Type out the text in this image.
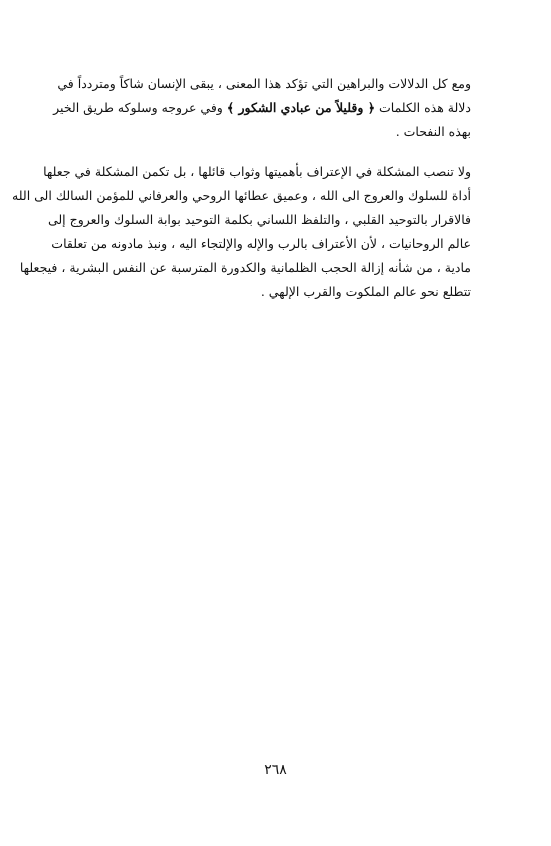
ومع كل الدلالات والبراهين التي تؤكد هذا المعنى ، يبقى الإنسان شاكاً ومتردداً في
دلالة هذه الكلمات ﴿ وقليلاً من عبادي الشكور ﴾ وفي عروجه وسلوكه طريق الخير
بهذه النفحات .
ولا تنصب المشكلة في الإعتراف بأهميتها وثواب قائلها ، بل تكمن المشكلة في جعلها
أداة للسلوك والعروج الى الله ، وعميق عطائها الروحي والعرفاني للمؤمن السالك الى الله
فالاقرار بالتوحيد القلبي ، والتلفظ اللساني بكلمة التوحيد بوابة السلوك والعروج إلى
عالم الروحانيات ، لأن الأعتراف بالرب والإله والإلتجاء اليه ، ونبذ مادونه من تعلقات
مادية ، من شأنه إزالة الحجب الظلمانية والكدورة المترسبة عن النفس البشرية ، فيجعلها
تتطلع نحو عالم الملكوت والقرب الإلهي .
٢٦٨
